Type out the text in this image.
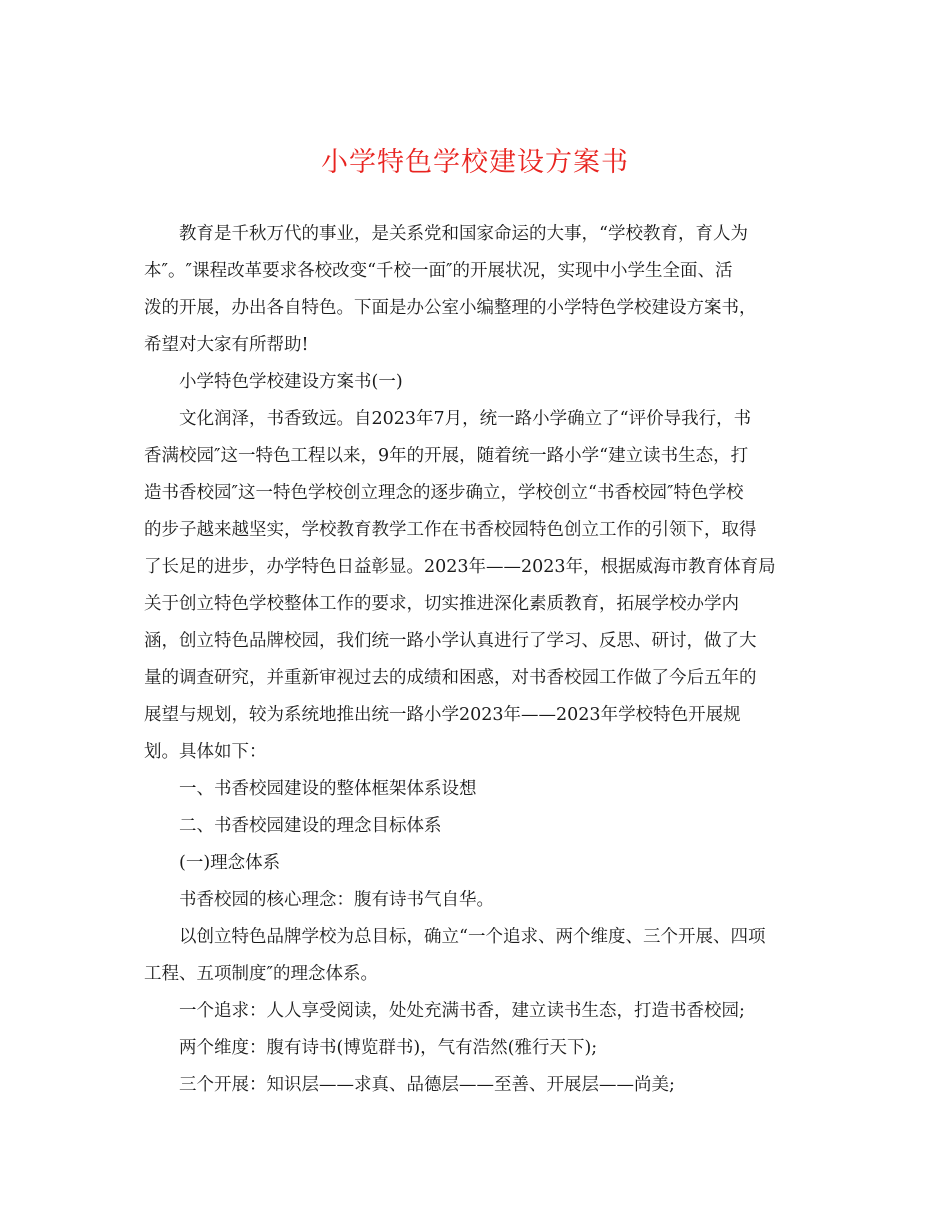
小学特色学校建设方案书

教育是千秋万代的事业，是关系党和国家命运的大事，“学校教育，育人为
本″。″课程改革要求各校改变“千校一面″的开展状况，实现中小学生全面、活
泼的开展，办出各自特色。下面是办公室小编整理的小学特色学校建设方案书，
希望对大家有所帮助!

小学特色学校建设方案书(一)

文化润泽，书香致远。自2023年7月，统一路小学确立了“评价导我行，书
香满校园″这一特色工程以来，9年的开展，随着统一路小学“建立读书生态，打
造书香校园″这一特色学校创立理念的逐步确立，学校创立“书香校园″特色学校
的步子越来越坚实，学校教育教学工作在书香校园特色创立工作的引领下，取得
了长足的进步，办学特色日益彰显。2023年——2023年，根据威海市教育体育局
关于创立特色学校整体工作的要求，切实推进深化素质教育，拓展学校办学内
涵，创立特色品牌校园，我们统一路小学认真进行了学习、反思、研讨，做了大
量的调查研究，并重新审视过去的成绩和困惑，对书香校园工作做了今后五年的
展望与规划，较为系统地推出统一路小学2023年——2023年学校特色开展规
划。具体如下：

一、书香校园建设的整体框架体系设想

二、书香校园建设的理念目标体系

(一)理念体系

书香校园的核心理念：腹有诗书气自华。

以创立特色品牌学校为总目标，确立“一个追求、两个维度、三个开展、四项
工程、五项制度″的理念体系。

一个追求：人人享受阅读，处处充满书香，建立读书生态，打造书香校园;

两个维度：腹有诗书(博览群书)，气有浩然(雅行天下);

三个开展：知识层——求真、品德层——至善、开展层——尚美;
